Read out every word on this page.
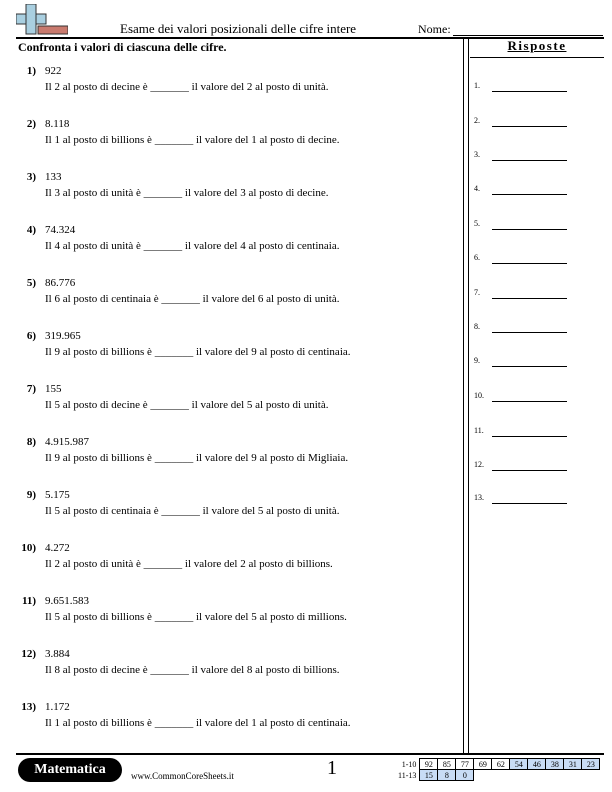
Esame dei valori posizionali delle cifre intere	Nome:
Confronta i valori di ciascuna delle cifre.
1) 922
Il 2 al posto di decine è _______ il valore del 2 al posto di unità.
2) 8.118
Il 1 al posto di billions è _______ il valore del 1 al posto di decine.
3) 133
Il 3 al posto di unità è _______ il valore del 3 al posto di decine.
4) 74.324
Il 4 al posto di unità è _______ il valore del 4 al posto di centinaia.
5) 86.776
Il 6 al posto di centinaia è _______ il valore del 6 al posto di unità.
6) 319.965
Il 9 al posto di billions è _______ il valore del 9 al posto di centinaia.
7) 155
Il 5 al posto di decine è _______ il valore del 5 al posto di unità.
8) 4.915.987
Il 9 al posto di billions è _______ il valore del 9 al posto di Migliaia.
9) 5.175
Il 5 al posto di centinaia è _______ il valore del 5 al posto di unità.
10) 4.272
Il 2 al posto di unità è _______ il valore del 2 al posto di billions.
11) 9.651.583
Il 5 al posto di billions è _______ il valore del 5 al posto di millions.
12) 3.884
Il 8 al posto di decine è _______ il valore del 8 al posto di billions.
13) 1.172
Il 1 al posto di billions è _______ il valore del 1 al posto di centinaia.
Risposte
1.
2.
3.
4.
5.
6.
7.
8.
9.
10.
11.
12.
13.
Matematica	www.CommonCoreSheets.it	1	1-10	92	85	77	69	62	54	46	38	31	23
11-13	15	8	0							
